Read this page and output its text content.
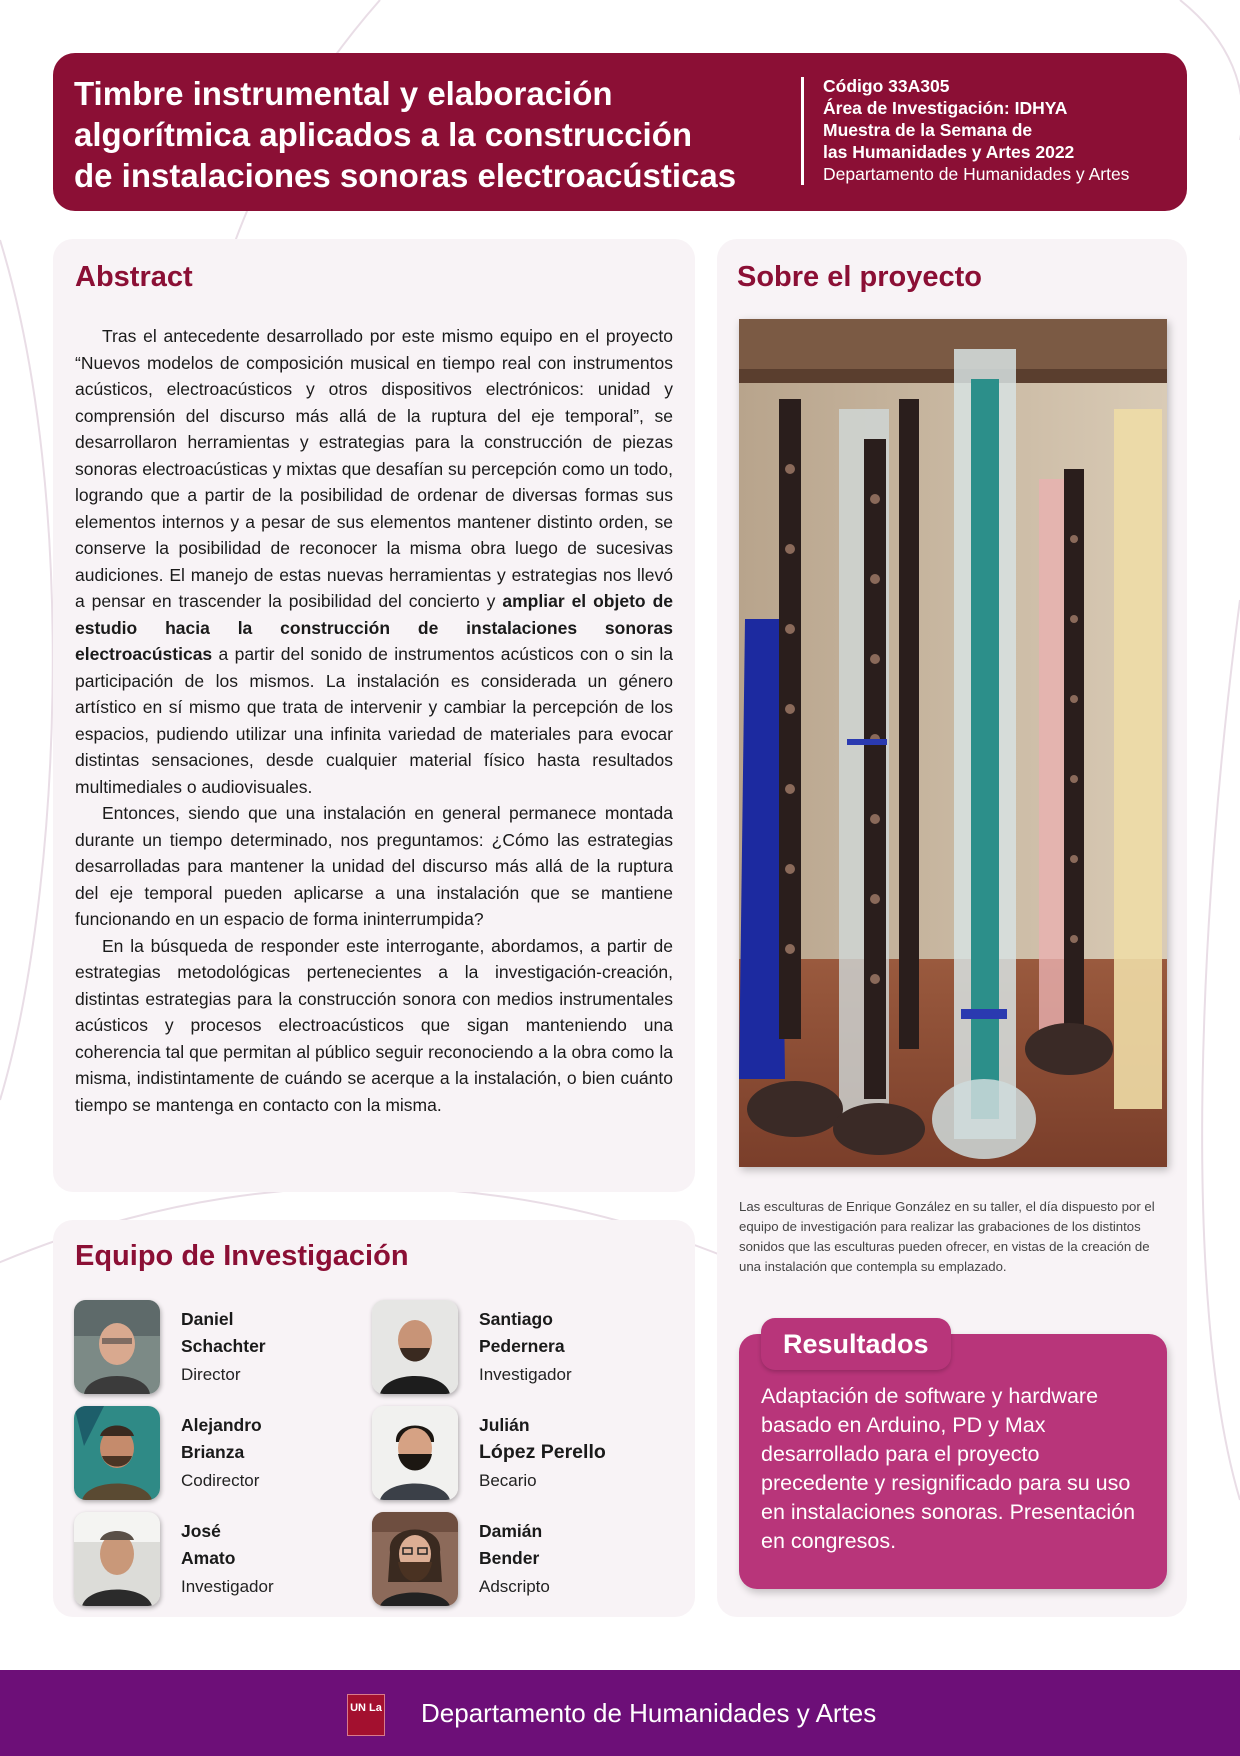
Timbre instrumental y elaboración
algorítmica aplicados a la construcción
de instalaciones sonoras electroacústicas
Código 33A305
Área de Investigación: IDHYA
Muestra de la Semana de
las Humanidades y Artes 2022
Departamento de Humanidades y Artes
Abstract

Tras el antecedente desarrollado por este mismo equipo en el proyecto “Nuevos modelos de composición musical en tiempo real con instrumentos acústicos, electroacústicos y otros dispositivos electrónicos: unidad y comprensión del discurso más allá de la ruptura del eje temporal”, se desarrollaron herramientas y estrategias para la construcción de piezas sonoras electroacústicas y mixtas que desafían su percepción como un todo, logrando que a partir de la posibilidad de ordenar de diversas formas sus elementos internos y a pesar de sus elementos mantener distinto orden, se conserve la posibilidad de reconocer la misma obra luego de sucesivas audiciones. El manejo de estas nuevas herramientas y estrategias nos llevó a pensar en trascender la posibilidad del concierto y ampliar el objeto de estudio hacia la construcción de instalaciones sonoras electroacústicas a partir del sonido de instrumentos acústicos con o sin la participación de los mismos. La instalación es considerada un género artístico en sí mismo que trata de intervenir y cambiar la percepción de los espacios, pudiendo utilizar una infinita variedad de materiales para evocar distintas sensaciones, desde cualquier material físico hasta resultados multimediales o audiovisuales.

Entonces, siendo que una instalación en general permanece montada durante un tiempo determinado, nos preguntamos: ¿Cómo las estrategias desarrolladas para mantener la unidad del discurso más allá de la ruptura del eje temporal pueden aplicarse a una instalación que se mantiene funcionando en un espacio de forma ininterrumpida?

En la búsqueda de responder este interrogante, abordamos, a partir de estrategias metodológicas pertenecientes a la investigación-creación, distintas estrategias para la construcción sonora con medios instrumentales acústicos y procesos electroacústicos que sigan manteniendo una coherencia tal que permitan al público seguir reconociendo a la obra como la misma, indistintamente de cuándo se acerque a la instalación, o bien cuánto tiempo se mantenga en contacto con la misma.

Equipo de Investigación
Daniel
Schachter
Director
Santiago
Pedernera
Investigador
Alejandro
Brianza
Codirector
Julián
López Perello
Becario
José
Amato
Investigador
Damián
Bender
Adscripto
Sobre el proyecto
Las esculturas de Enrique González en su taller, el día dispuesto por el equipo de investigación para realizar las grabaciones de los distintos sonidos que las esculturas pueden ofrecer, en vistas de la creación de una instalación que contempla su emplazado.
Resultados
Adaptación de software y hardware basado en Arduino, PD y Max desarrollado para el proyecto precedente y resignificado para su uso en instalaciones sonoras. Presentación en congresos.
UN La Departamento de Humanidades y Artes
